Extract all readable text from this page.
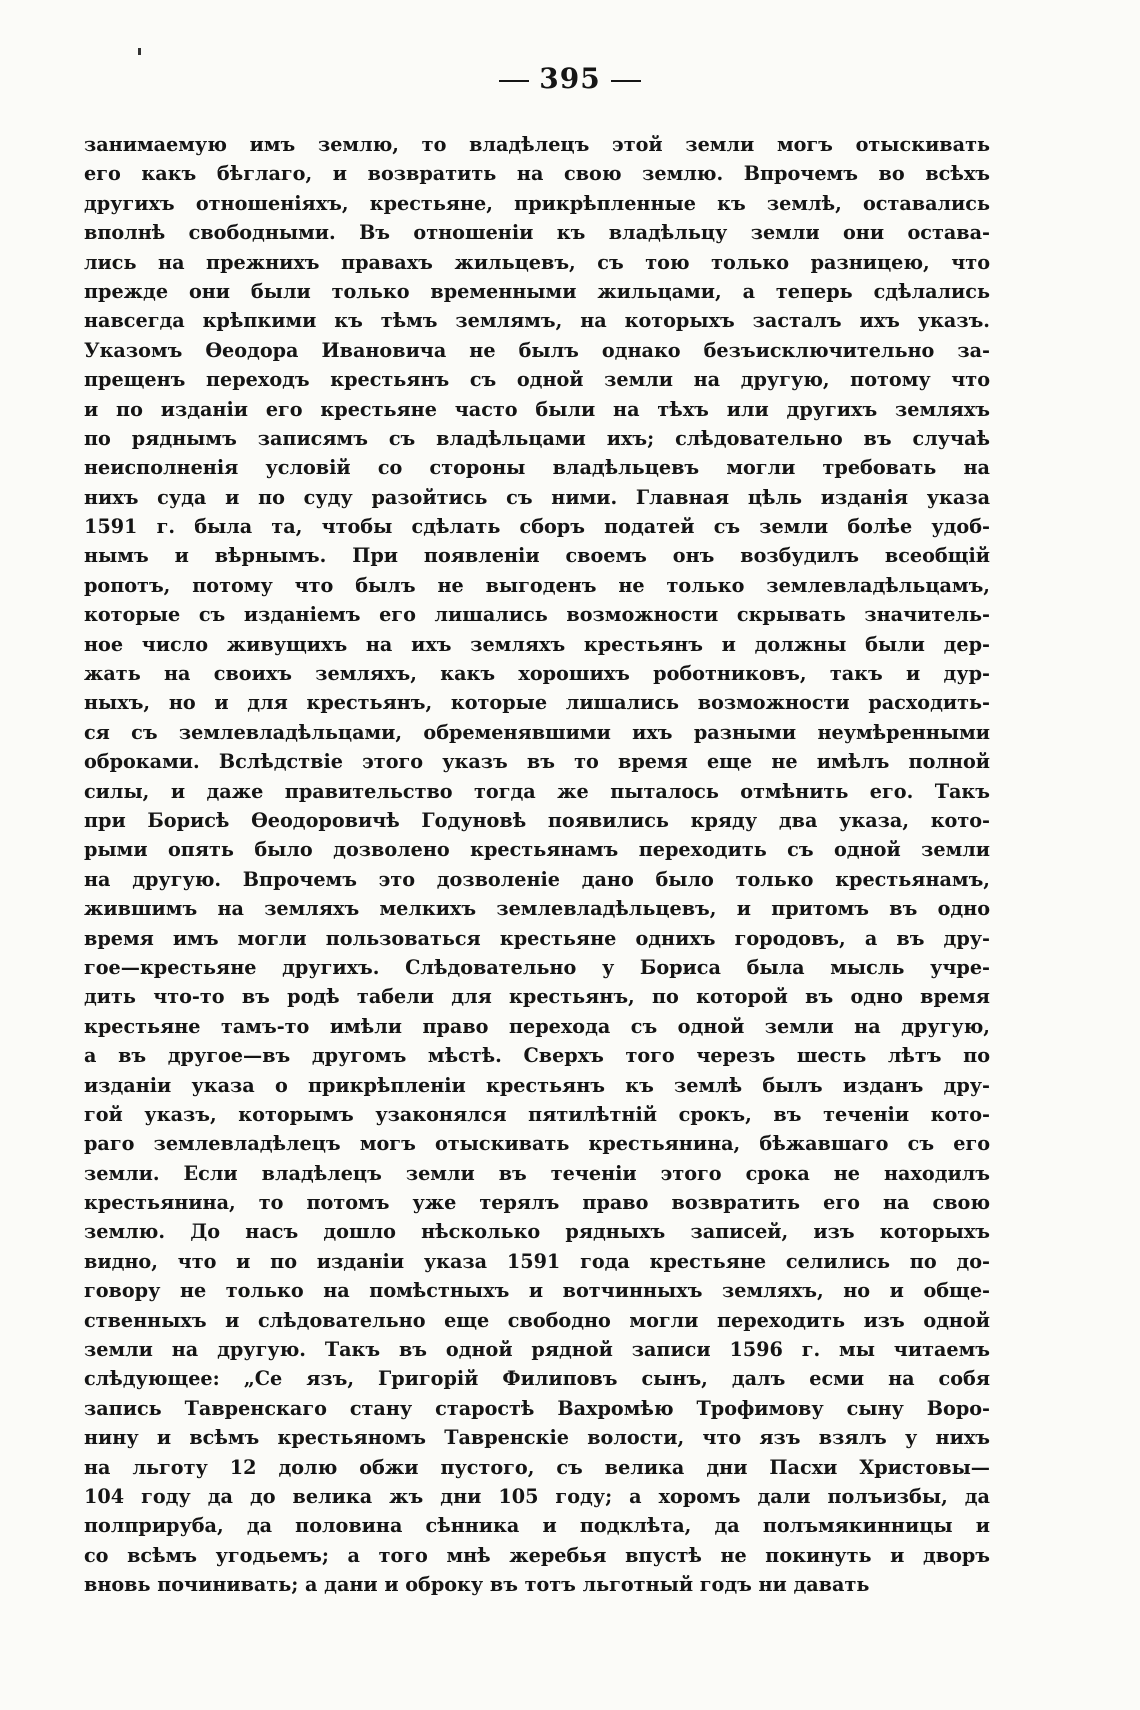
395
занимаемую имъ землю, то владѣлецъ этой земли могъ отыскивать
его какъ бѣглаго, и возвратить на свою землю. Впрочемъ во всѣхъ
другихъ отношеніяхъ, крестьяне, прикрѣпленные къ землѣ, оставались
вполнѣ свободными. Въ отношеніи къ владѣльцу земли они остава-
лись на прежнихъ правахъ жильцевъ, съ тою только разницею, что
прежде они были только временными жильцами, а теперь сдѣлались
навсегда крѣпкими къ тѣмъ землямъ, на которыхъ засталъ ихъ указъ.
Указомъ Ѳеодора Ивановича не былъ однако безъисключительно за-
прещенъ переходъ крестьянъ съ одной земли на другую, потому что
и по изданіи его крестьяне часто были на тѣхъ или другихъ земляхъ
по ряднымъ записямъ съ владѣльцами ихъ; слѣдовательно въ случаѣ
неисполненія условій со стороны владѣльцевъ могли требовать на
нихъ суда и по суду разойтись съ ними. Главная цѣль изданія указа
1591 г. была та, чтобы сдѣлать сборъ податей съ земли болѣе удоб-
нымъ и вѣрнымъ. При появленіи своемъ онъ возбудилъ всеобщій
ропотъ, потому что былъ не выгоденъ не только землевладѣльцамъ,
которые съ изданіемъ его лишались возможности скрывать значитель-
ное число живущихъ на ихъ земляхъ крестьянъ и должны были дер-
жать на своихъ земляхъ, какъ хорошихъ роботниковъ, такъ и дур-
ныхъ, но и для крестьянъ, которые лишались возможности расходить-
ся съ землевладѣльцами, обременявшими ихъ разными неумѣренными
оброками. Вслѣдствіе этого указъ въ то время еще не имѣлъ полной
силы, и даже правительство тогда же пыталось отмѣнить его. Такъ
при Борисѣ Ѳеодоровичѣ Годуновѣ появились кряду два указа, кото-
рыми опять было дозволено крестьянамъ переходить съ одной земли
на другую. Впрочемъ это дозволеніе дано было только крестьянамъ,
жившимъ на земляхъ мелкихъ землевладѣльцевъ, и притомъ въ одно
время имъ могли пользоваться крестьяне однихъ городовъ, а въ дру-
гое—крестьяне другихъ. Слѣдовательно у Бориса была мысль учре-
дить что-то въ родѣ табели для крестьянъ, по которой въ одно время
крестьяне тамъ-то имѣли право перехода съ одной земли на другую,
а въ другое—въ другомъ мѣстѣ. Сверхъ того черезъ шесть лѣтъ по
изданіи указа о прикрѣпленіи крестьянъ къ землѣ былъ изданъ дру-
гой указъ, которымъ узаконялся пятилѣтній срокъ, въ теченіи кото-
раго землевладѣлецъ могъ отыскивать крестьянина, бѣжавшаго съ его
земли. Если владѣлецъ земли въ теченіи этого срока не находилъ
крестьянина, то потомъ уже терялъ право возвратить его на свою
землю. До насъ дошло нѣсколько рядныхъ записей, изъ которыхъ
видно, что и по изданіи указа 1591 года крестьяне селились по до-
говору не только на помѣстныхъ и вотчинныхъ земляхъ, но и обще-
ственныхъ и слѣдовательно еще свободно могли переходить изъ одной
земли на другую. Такъ въ одной рядной записи 1596 г. мы читаемъ
слѣдующее: „Се язъ, Григорій Филиповъ сынъ, далъ есми на собя
запись Тавренскаго стану старостѣ Вахромѣю Трофимову сыну Воро-
нину и всѣмъ крестьяномъ Тавренскіе волости, что язъ взялъ у нихъ
на льготу 12 долю обжи пустого, съ велика дни Пасхи Христовы—
104 году да до велика жъ дни 105 году; а хоромъ дали полъизбы, да
полприруба, да половина сѣнника и подклѣта, да полъмякинницы и
со всѣмъ угодьемъ; а того мнѣ жеребья впустѣ не покинуть и дворъ
вновь починивать; а дани и оброку въ тотъ льготный годъ ни давать
